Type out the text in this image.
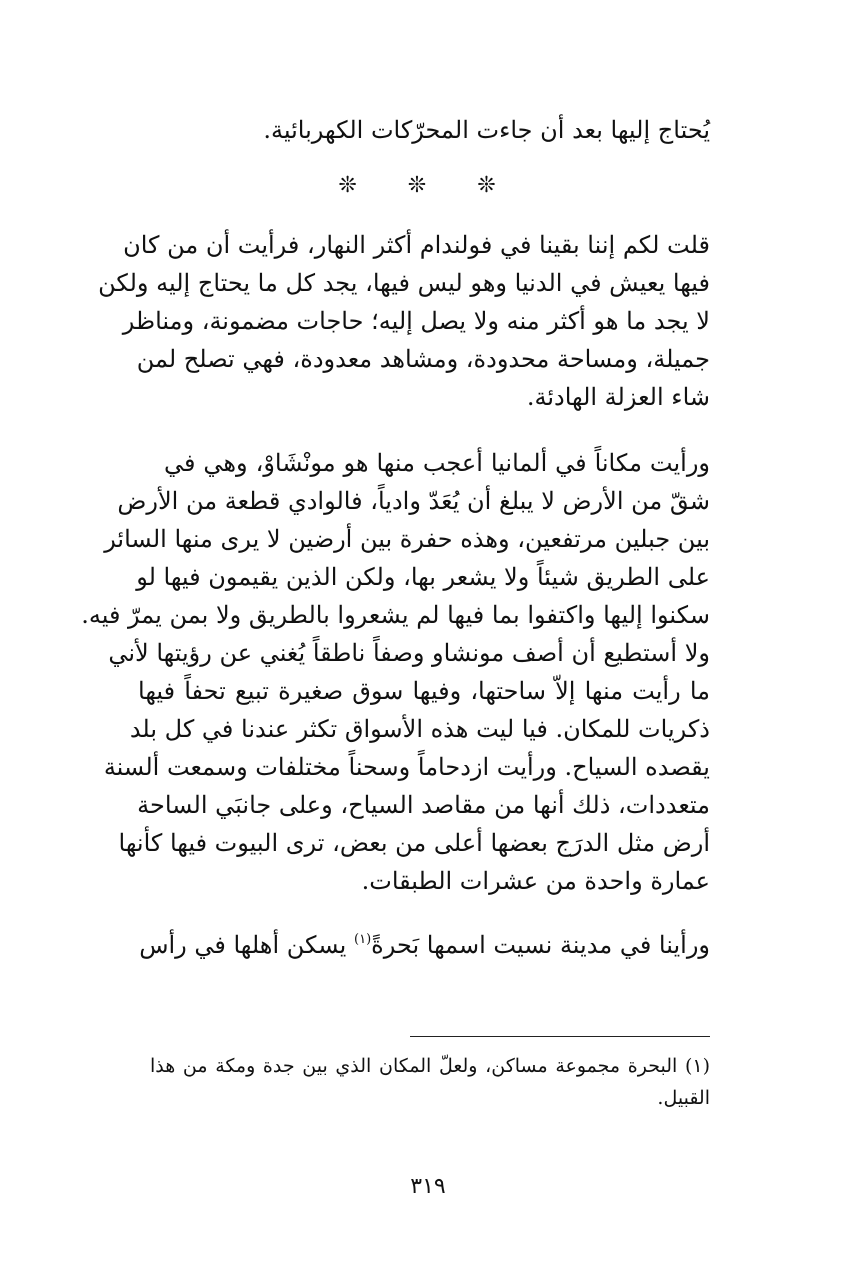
يُحتاج إليها بعد أن جاءت المحرّكات الكهربائية.
❊ ❊ ❊
قلت لكم إننا بقينا في فولندام أكثر النهار، فرأيت أن من كان
فيها يعيش في الدنيا وهو ليس فيها، يجد كل ما يحتاج إليه ولكن
لا يجد ما هو أكثر منه ولا يصل إليه؛ حاجات مضمونة، ومناظر
جميلة، ومساحة محدودة، ومشاهد معدودة، فهي تصلح لمن
شاء العزلة الهادئة.
ورأيت مكاناً في ألمانيا أعجب منها هو مونْشَاوْ، وهي في
شقّ من الأرض لا يبلغ أن يُعَدّ وادياً، فالوادي قطعة من الأرض
بين جبلين مرتفعين، وهذه حفرة بين أرضين لا يرى منها السائر
على الطريق شيئاً ولا يشعر بها، ولكن الذين يقيمون فيها لو
سكنوا إليها واكتفوا بما فيها لم يشعروا بالطريق ولا بمن يمرّ فيه.
ولا أستطيع أن أصف مونشاو وصفاً ناطقاً يُغني عن رؤيتها لأني
ما رأيت منها إلاّ ساحتها، وفيها سوق صغيرة تبيع تحفاً فيها
ذكريات للمكان. فيا ليت هذه الأسواق تكثر عندنا في كل بلد
يقصده السياح. ورأيت ازدحاماً وسحناً مختلفات وسمعت ألسنة
متعددات، ذلك أنها من مقاصد السياح، وعلى جانبَي الساحة
أرض مثل الدرَج بعضها أعلى من بعض، ترى البيوت فيها كأنها
عمارة واحدة من عشرات الطبقات.
ورأينا في مدينة نسيت اسمها بَحرةً$^{(١)}$ يسكن أهلها في رأس
(١) البحرة مجموعة مساكن، ولعلّ المكان الذي بين جدة ومكة من هذا
القبيل.
٣١٩
